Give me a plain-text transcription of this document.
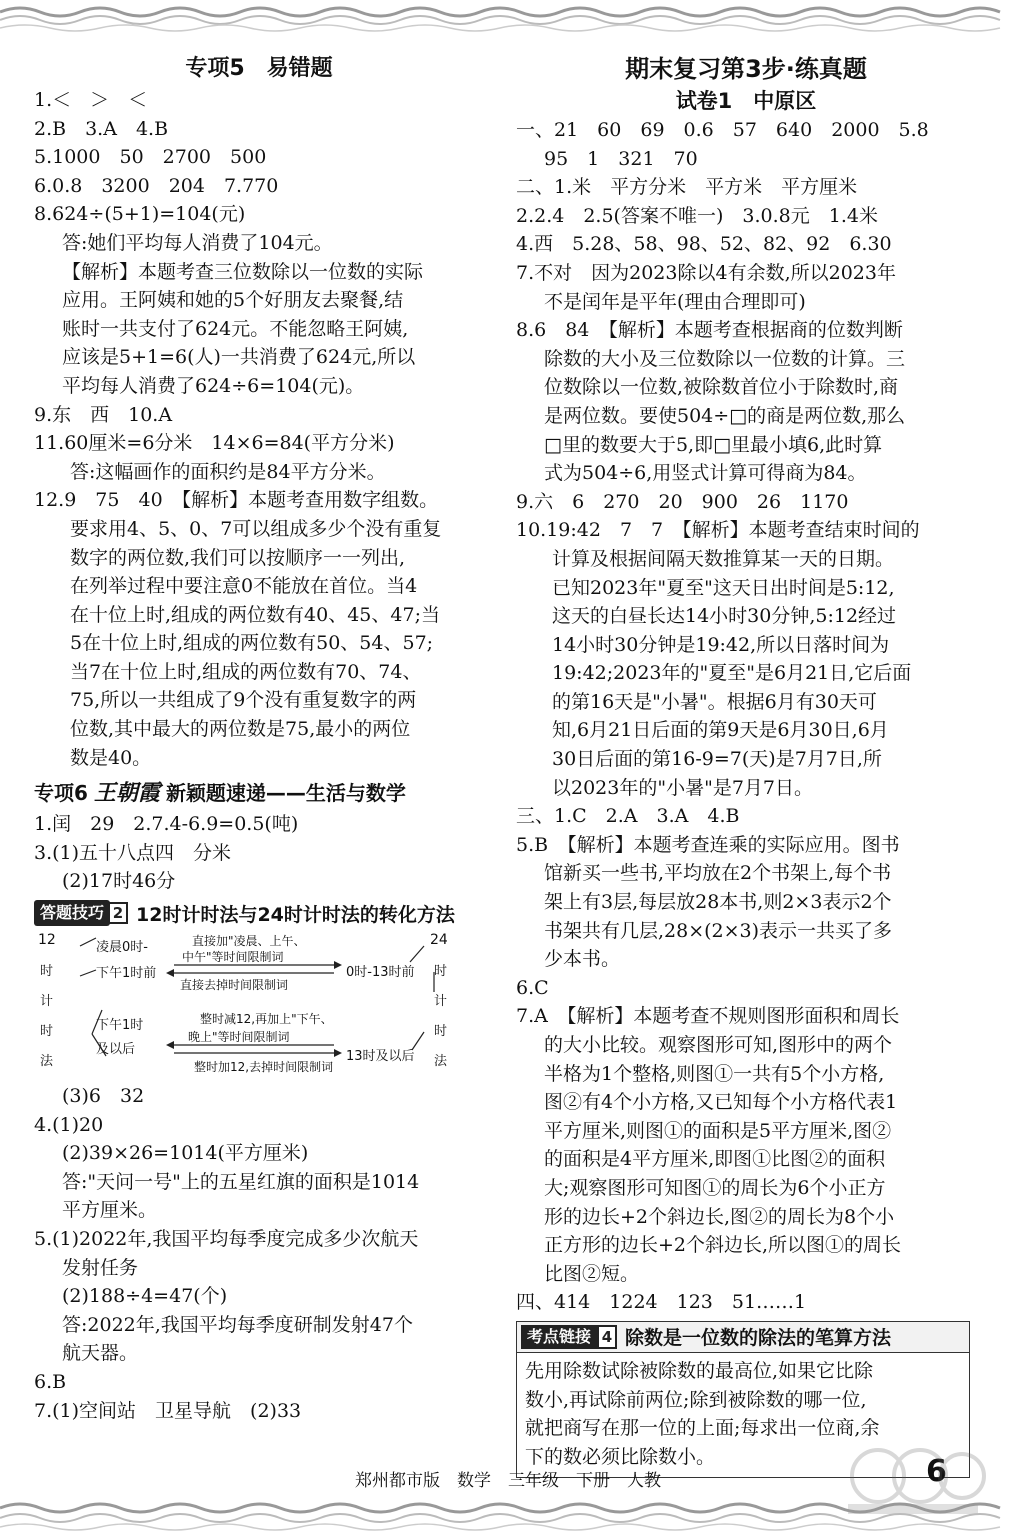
专项5　易错题
1.＜　＞　＜
2.B　3.A　4.B
5.1000　50　2700　500
6.0.8　3200　204　7.770
8.624÷(5+1)=104(元)
答:她们平均每人消费了104元。
【解析】本题考查三位数除以一位数的实际
应用。王阿姨和她的5个好朋友去聚餐,结
账时一共支付了624元。不能忽略王阿姨,
应该是5+1=6(人)一共消费了624元,所以
平均每人消费了624÷6=104(元)。
9.东　西　10.A
11.60厘米=6分米　14×6=84(平方分米)
答:这幅画作的面积约是84平方分米。
12.9　75　40　【解析】本题考查用数字组数。
要求用4、5、0、7可以组成多少个没有重复
数字的两位数,我们可以按顺序一一列出,
在列举过程中要注意0不能放在首位。当4
在十位上时,组成的两位数有40、45、47;当
5在十位上时,组成的两位数有50、54、57;
当7在十位上时,组成的两位数有70、74、
75,所以一共组成了9个没有重复数字的两
位数,其中最大的两位数是75,最小的两位
数是40。
专项6 王朝霞 新颖题速递——生活与数学
1.闰　29　2.7.4-6.9=0.5(吨)
3.(1)五十八点四　分米
(2)17时46分
答题技巧 2 12时计时法与24时计时法的转化方法
12
时
计
时
法
凌晨0时-
下午1时前
直接加"凌晨、上午、
中午"等时间限制词
直接去掉时间限制词
0时-13时前
下午1时
及以后
整时减12,再加上"下午、
晚上"等时间限制词
整时加12,去掉时间限制词
13时及以后
24
时
计
时
法
(3)6　32
4.(1)20
(2)39×26=1014(平方厘米)
答:"天问一号"上的五星红旗的面积是1014
平方厘米。
5.(1)2022年,我国平均每季度完成多少次航天
发射任务
(2)188÷4=47(个)
答:2022年,我国平均每季度研制发射47个
航天器。
6.B
7.(1)空间站　卫星导航　(2)33
期末复习第3步·练真题
试卷1　中原区
一、21　60　69　0.6　57　640　2000　5.8
95　1　321　70
二、1.米　平方分米　平方米　平方厘米
2.2.4　2.5(答案不唯一)　3.0.8元　1.4米
4.西　5.28、58、98、52、82、92　6.30
7.不对　因为2023除以4有余数,所以2023年
不是闰年是平年(理由合理即可)
8.6　84　【解析】本题考查根据商的位数判断
除数的大小及三位数除以一位数的计算。三
位数除以一位数,被除数首位小于除数时,商
是两位数。要使504÷□的商是两位数,那么
□里的数要大于5,即□里最小填6,此时算
式为504÷6,用竖式计算可得商为84。
9.六　6　270　20　900　26　1170
10.19:42　7　7　【解析】本题考查结束时间的
计算及根据间隔天数推算某一天的日期。
已知2023年"夏至"这天日出时间是5:12,
这天的白昼长达14小时30分钟,5:12经过
14小时30分钟是19:42,所以日落时间为
19:42;2023年的"夏至"是6月21日,它后面
的第16天是"小暑"。根据6月有30天可
知,6月21日后面的第9天是6月30日,6月
30日后面的第16-9=7(天)是7月7日,所
以2023年的"小暑"是7月7日。
三、1.C　2.A　3.A　4.B
5.B　【解析】本题考查连乘的实际应用。图书
馆新买一些书,平均放在2个书架上,每个书
架上有3层,每层放28本书,则2×3表示2个
书架共有几层,28×(2×3)表示一共买了多
少本书。
6.C
7.A　【解析】本题考查不规则图形面积和周长
的大小比较。观察图形可知,图形中的两个
半格为1个整格,则图①一共有5个小方格,
图②有4个小方格,又已知每个小方格代表1
平方厘米,则图①的面积是5平方厘米,图②
的面积是4平方厘米,即图①比图②的面积
大;观察图形可知图①的周长为6个小正方
形的边长+2个斜边长,图②的周长为8个小
正方形的边长+2个斜边长,所以图①的周长
比图②短。
四、414　1224　123　51……1
考点链接 4 除数是一位数的除法的笔算方法
先用除数试除被除数的最高位,如果它比除
数小,再试除前两位;除到被除数的哪一位,
就把商写在那一位的上面;每求出一位商,余
下的数必须比除数小。
郑州都市版　数学　三年级　下册　人教	6
